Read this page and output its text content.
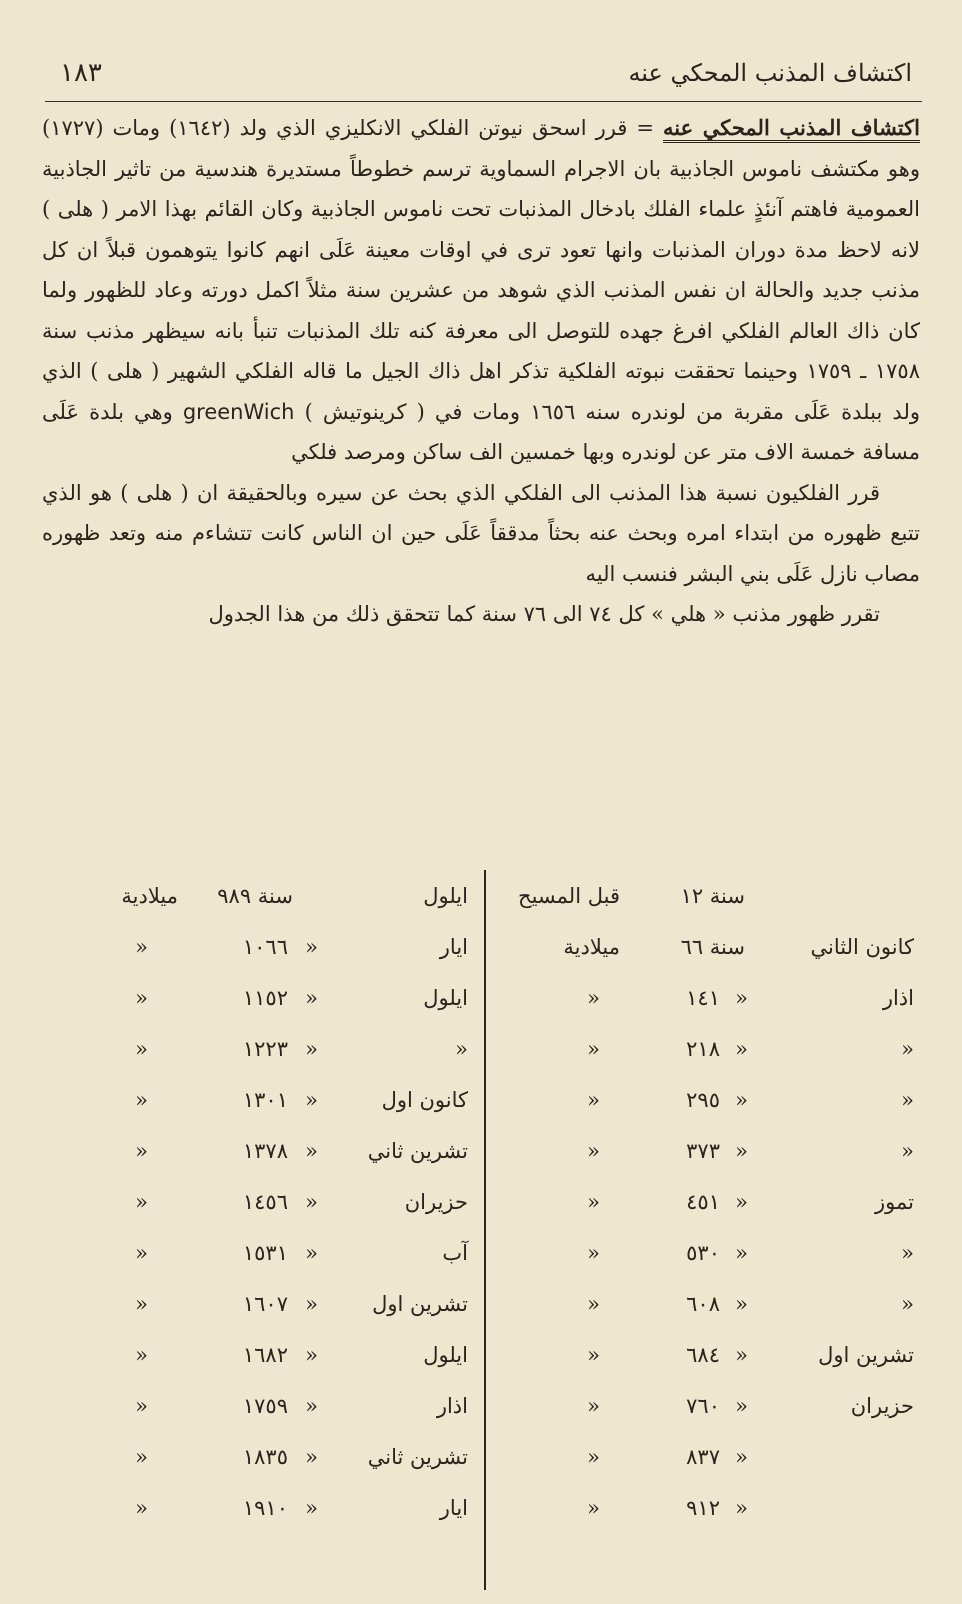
اكتشاف المذنب المحكي عنه
١٨٣

اكتشاف المذنب المحكي عنه = قرر اسحق نيوتن الفلكي الانكليزي الذي ولد (١٦٤٢) ومات (١٧٢٧) وهو مكتشف ناموس الجاذبية بان الاجرام السماوية ترسم خطوطاً مستديرة هندسية من تاثير الجاذبية العمومية فاهتم آنئذٍ علماء الفلك بادخال المذنبات تحت ناموس الجاذبية وكان القائم بهذا الامر ( هلى ) لانه لاحظ مدة دوران المذنبات وانها تعود ترى في اوقات معينة عَلَى انهم كانوا يتوهمون قبلاً ان كل مذنب جديد والحالة ان نفس المذنب الذي شوهد من عشرين سنة مثلاً اكمل دورته وعاد للظهور ولما كان ذاك العالم الفلكي افرغ جهده للتوصل الى معرفة كنه تلك المذنبات تنبأ بانه سيظهر مذنب سنة ١٧٥٨ ـ ١٧٥٩ وحينما تحققت نبوته الفلكية تذكر اهل ذاك الجيل ما قاله الفلكي الشهير ( هلى ) الذي ولد ببلدة عَلَى مقربة من لوندره سنه ١٦٥٦ ومات في ( كرينوتيش ) greenWich وهي بلدة عَلَى مسافة خمسة الاف متر عن لوندره وبها خمسين الف ساكن ومرصد فلكي

قرر الفلكيون نسبة هذا المذنب الى الفلكي الذي بحث عن سيره وبالحقيقة ان ( هلى ) هو الذي تتبع ظهوره من ابتداء امره وبحث عنه بحثاً مدققاً عَلَى حين ان الناس كانت تتشاءم منه وتعد ظهوره مصاب نازل عَلَى بني البشر فنسب اليه

تقرر ظهور مذنب « هلي » كل ٧٤ الى ٧٦ سنة كما تتحقق ذلك من هذا الجدول

سنة ١٢
قبل المسيح
كانون الثاني
سنة ٦٦
ميلادية
اذار
«
١٤١
«
«
«
٢١٨
«
«
«
٢٩٥
«
«
«
٣٧٣
«
تموز
«
٤٥١
«
«
«
٥٣٠
«
«
«
٦٠٨
«
تشرين اول
«
٦٨٤
«
حزيران
«
٧٦٠
«
«
٨٣٧
«
«
٩١٢
«
ايلول
سنة ٩٨٩
ميلادية
ايار
«
١٠٦٦
«
ايلول
«
١١٥٢
«
«
«
١٢٢٣
«
كانون اول
«
١٣٠١
«
تشرين ثاني
«
١٣٧٨
«
حزيران
«
١٤٥٦
«
آب
«
١٥٣١
«
تشرين اول
«
١٦٠٧
«
ايلول
«
١٦٨٢
«
اذار
«
١٧٥٩
«
تشرين ثاني
«
١٨٣٥
«
ايار
«
١٩١٠
«
